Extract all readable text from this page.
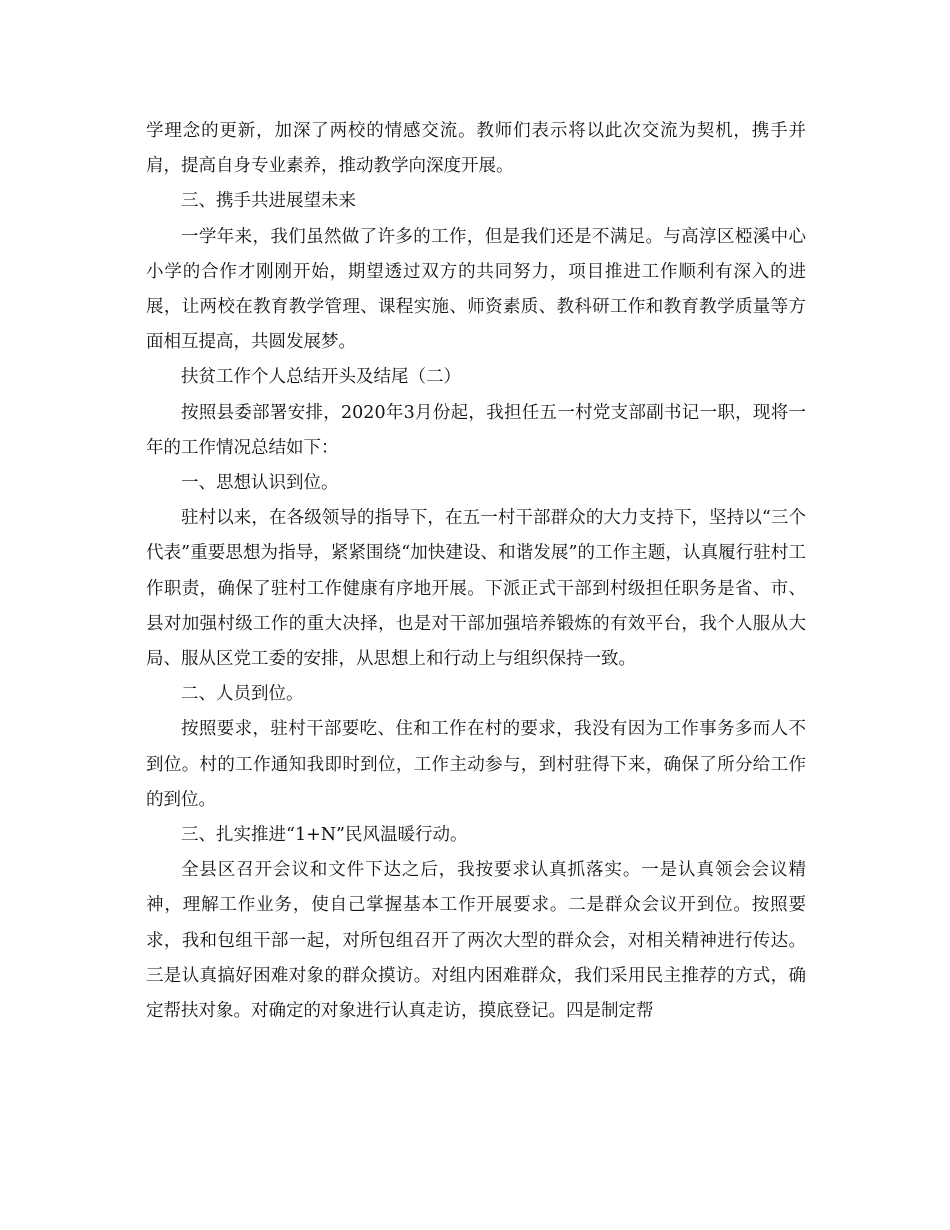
学理念的更新，加深了两校的情感交流。教师们表示将以此次交流为契机，携手并肩，提高自身专业素养，推动教学向深度开展。

三、携手共进展望未来

一学年来，我们虽然做了许多的工作，但是我们还是不满足。与高淳区椏溪中心小学的合作才刚刚开始，期望透过双方的共同努力，项目推进工作顺利有深入的进展，让两校在教育教学管理、课程实施、师资素质、教科研工作和教育教学质量等方面相互提高，共圆发展梦。

扶贫工作个人总结开头及结尾（二）

按照县委部署安排，2020年3月份起，我担任五一村党支部副书记一职，现将一年的工作情况总结如下：

一、思想认识到位。

驻村以来，在各级领导的指导下，在五一村干部群众的大力支持下，坚持以“三个代表”重要思想为指导，紧紧围绕“加快建设、和谐发展”的工作主题，认真履行驻村工作职责，确保了驻村工作健康有序地开展。下派正式干部到村级担任职务是省、市、县对加强村级工作的重大决择，也是对干部加强培养锻炼的有效平台，我个人服从大局、服从区党工委的安排，从思想上和行动上与组织保持一致。

二、人员到位。

按照要求，驻村干部要吃、住和工作在村的要求，我没有因为工作事务多而人不到位。村的工作通知我即时到位，工作主动参与，到村驻得下来，确保了所分给工作的到位。

三、扎实推进“1+N”民风温暖行动。

全县区召开会议和文件下达之后，我按要求认真抓落实。一是认真领会会议精神，理解工作业务，使自己掌握基本工作开展要求。二是群众会议开到位。按照要求，我和包组干部一起，对所包组召开了两次大型的群众会，对相关精神进行传达。三是认真搞好困难对象的群众摸访。对组内困难群众，我们采用民主推荐的方式，确定帮扶对象。对确定的对象进行认真走访，摸底登记。四是制定帮
